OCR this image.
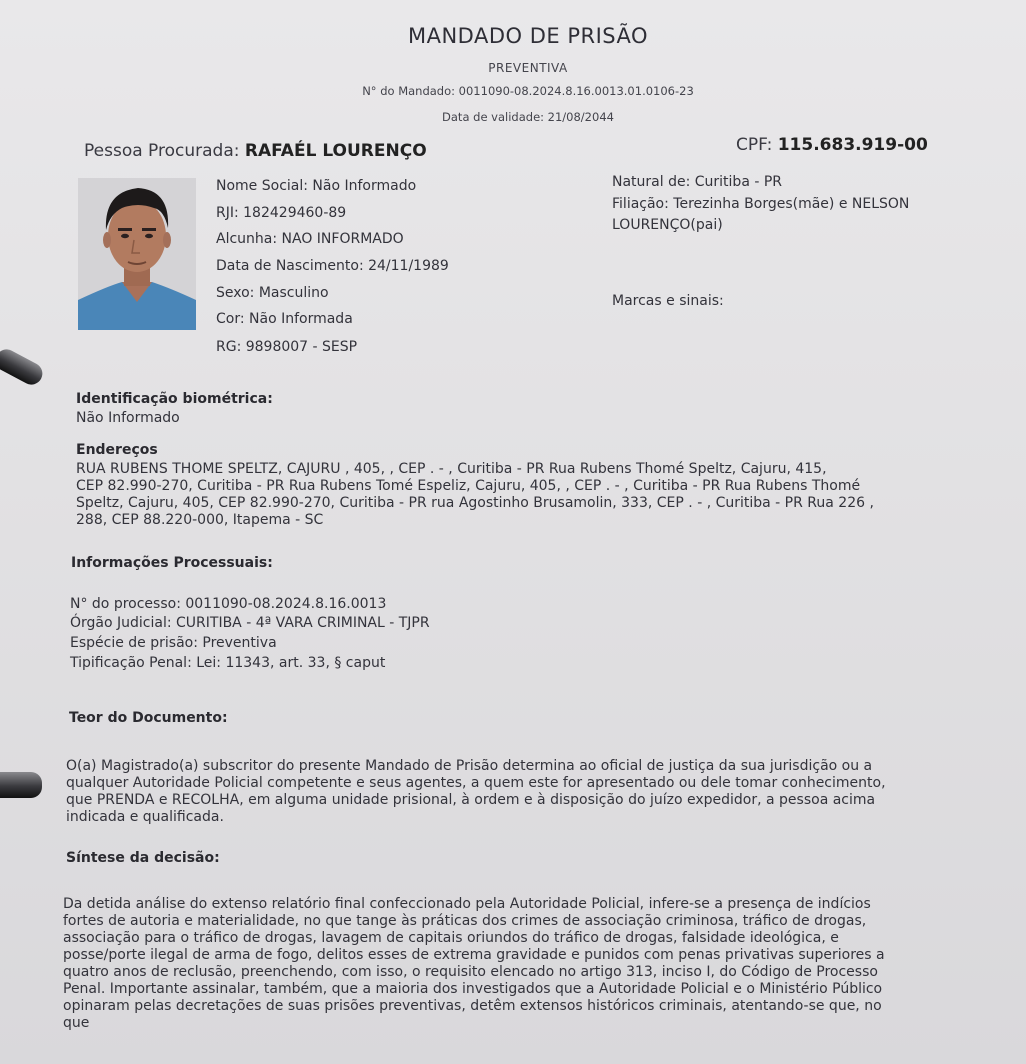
MANDADO DE PRISÃO
PREVENTIVA
N° do Mandado: 0011090-08.2024.8.16.0013.01.0106-23
Data de validade: 21/08/2044
Pessoa Procurada: RAFAÉL LOURENÇO	CPF: 115.683.919-00
Nome Social: Não Informado
RJI: 182429460-89
Alcunha: NAO INFORMADO
Data de Nascimento: 24/11/1989
Sexo: Masculino
Cor: Não Informada
RG: 9898007 - SESP
Natural de: Curitiba - PR
Filiação: Terezinha Borges(mãe) e NELSON
LOURENÇO(pai)
Marcas e sinais:
Identificação biométrica:
Não Informado
Endereços
RUA RUBENS THOME SPELTZ, CAJURU , 405, , CEP . - , Curitiba - PR Rua Rubens Thomé Speltz, Cajuru, 415,
CEP 82.990-270, Curitiba - PR Rua Rubens Tomé Espeliz, Cajuru, 405, , CEP . - , Curitiba - PR Rua Rubens Thomé
Speltz, Cajuru, 405, CEP 82.990-270, Curitiba - PR rua Agostinho Brusamolin, 333, CEP . - , Curitiba - PR Rua 226 ,
288, CEP 88.220-000, Itapema - SC
Informações Processuais:
N° do processo: 0011090-08.2024.8.16.0013
Órgão Judicial: CURITIBA - 4ª VARA CRIMINAL - TJPR
Espécie de prisão: Preventiva
Tipificação Penal: Lei: 11343, art. 33, § caput
Teor do Documento:
O(a) Magistrado(a) subscritor do presente Mandado de Prisão determina ao oficial de justiça da sua jurisdição ou a
qualquer Autoridade Policial competente e seus agentes, a quem este for apresentado ou dele tomar conhecimento,
que PRENDA e RECOLHA, em alguma unidade prisional, à ordem e à disposição do juízo expedidor, a pessoa acima
indicada e qualificada.
Síntese da decisão:
Da detida análise do extenso relatório final confeccionado pela Autoridade Policial, infere-se a presença de indícios
fortes de autoria e materialidade, no que tange às práticas dos crimes de associação criminosa, tráfico de drogas,
associação para o tráfico de drogas, lavagem de capitais oriundos do tráfico de drogas, falsidade ideológica, e
posse/porte ilegal de arma de fogo, delitos esses de extrema gravidade e punidos com penas privativas superiores a
quatro anos de reclusão, preenchendo, com isso, o requisito elencado no artigo 313, inciso I, do Código de Processo
Penal. Importante assinalar, também, que a maioria dos investigados que a Autoridade Policial e o Ministério Público
opinaram pelas decretações de suas prisões preventivas, detêm extensos históricos criminais, atentando-se que, no
que
